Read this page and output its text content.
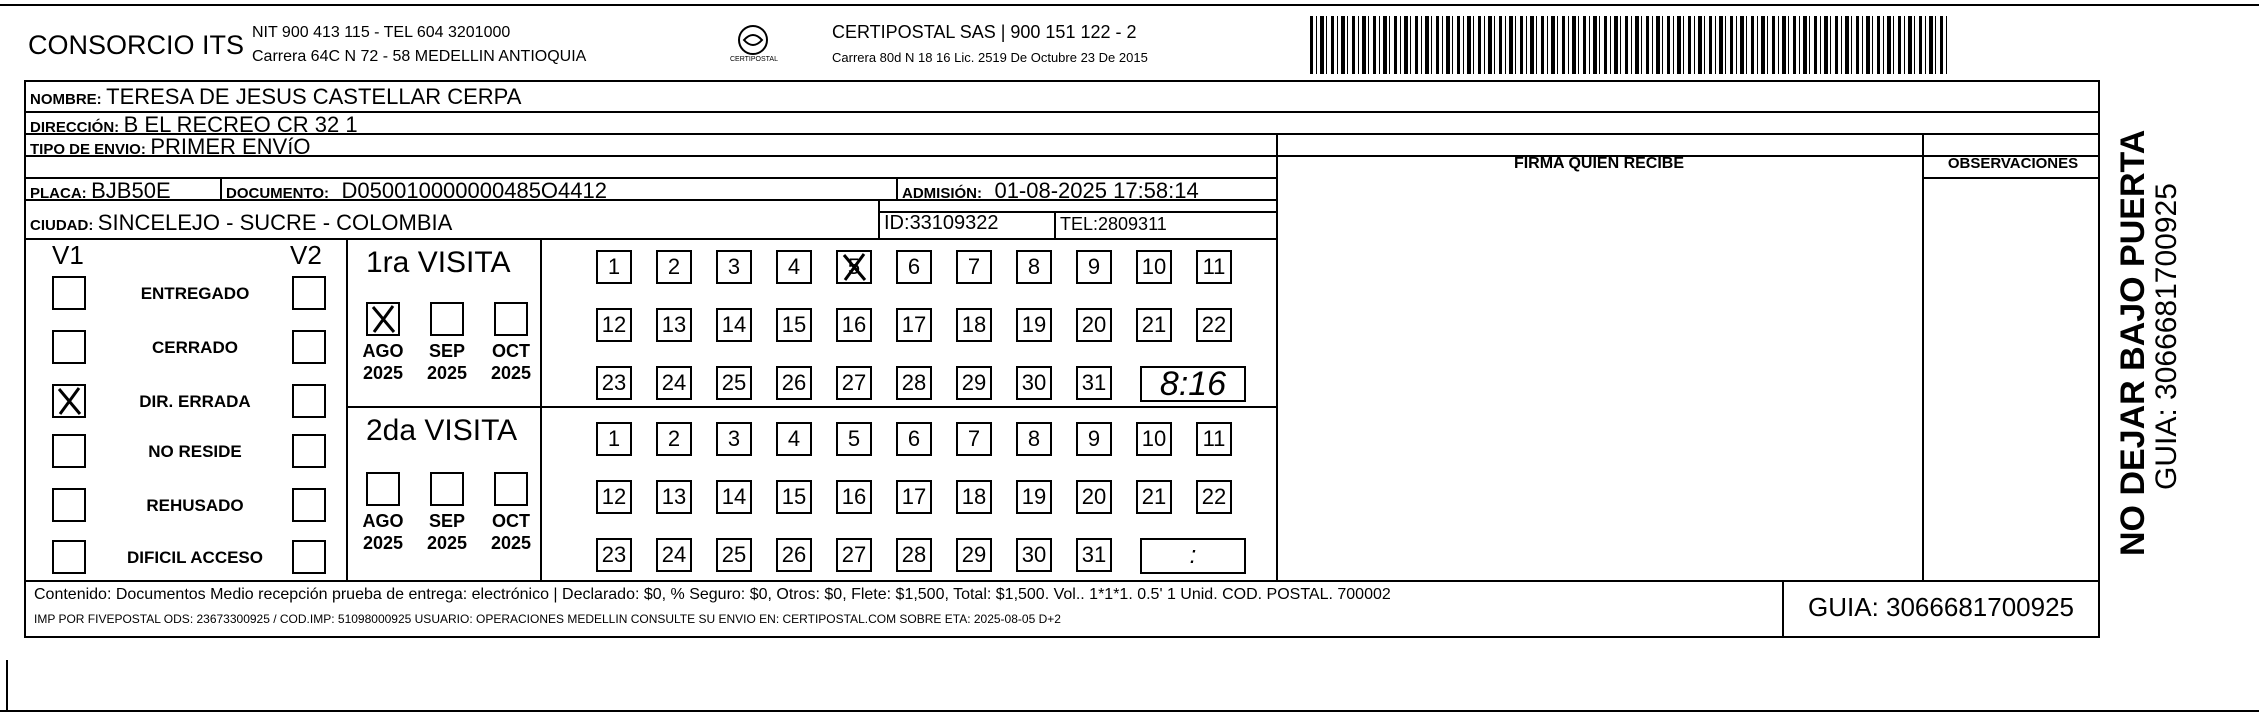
CONSORCIO ITS NIT 900 413 115 - TEL 604 3201000
Carrera 64C N 72 - 58 MEDELLIN ANTIOQUIA	CERTIPOSTAL
CERTIPOSTAL SAS | 900 151 122 - 2
Carrera 80d N 18 16 Lic. 2519 De Octubre 23 De 2015
NOMBRE: TERESA DE JESUS CASTELLAR CERPA
DIRECCIÓN: B EL RECREO CR 32 1
TIPO DE ENVIO: PRIMER ENVíO
FIRMA QUIEN RECIBE	OBSERVACIONES
PLACA: BJB50E	DOCUMENTO: D050010000000485O4412	ADMISIÓN: 01-08-2025 17:58:14
CIUDAD: SINCELEJO - SUCRE - COLOMBIA	ID:33109322	TEL:2809311
V1	V2 1ra VISITA
2da VISITA
Contenido: Documentos Medio recepción prueba de entrega: electrónico | Declarado: $0, % Seguro: $0, Otros: $0, Flete: $1,500, Total: $1,500. Vol.. 1*1*1. 0.5' 1 Unid. COD. POSTAL. 700002
IMP POR FIVEPOSTAL ODS: 23673300925 / COD.IMP: 51098000925 USUARIO: OPERACIONES MEDELLIN CONSULTE SU ENVIO EN: CERTIPOSTAL.COM SOBRE ETA: 2025-08-05 D+2	GUIA: 3066681700925
NO DEJAR BAJO PUERTA
GUIA: 3066681700925
ENTREGADO
CERRADO
DIR. ERRADA
NO RESIDE
REHUSADO
DIFICIL ACCESO
AGO
2025
SEP
2025
OCT
2025
AGO
2025
SEP
2025
OCT
2025
1	2	3	4	5	6	7	8	9	10 11
12 13 14 15 16 17 18 19 20 21 22
23 24 25 26 27 28 29 30 31	8:16
1	2	3	4	5	6	7	8	9	10 11
12 13 14 15 16 17 18 19 20 21 22
23 24 25 26 27 28 29 30 31	:
